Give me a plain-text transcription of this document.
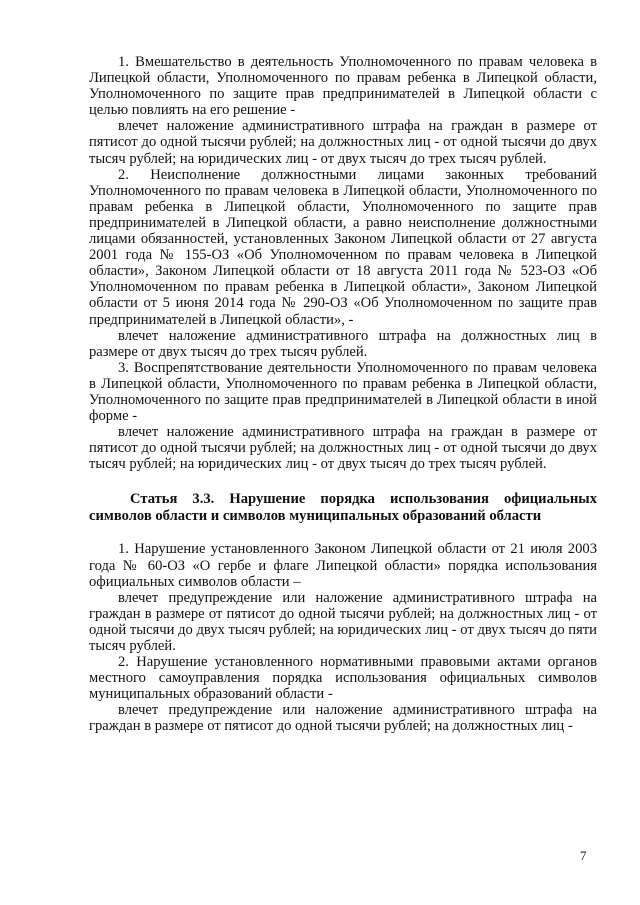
1. Вмешательство в деятельность Уполномоченного по правам человека в Липецкой области, Уполномоченного по правам ребенка в Липецкой области, Уполномоченного по защите прав предпринимателей в Липецкой области с целью повлиять на его решение -

влечет наложение административного штрафа на граждан в размере от пятисот до одной тысячи рублей; на должностных лиц - от одной тысячи до двух тысяч рублей; на юридических лиц - от двух тысяч до трех тысяч рублей.

2. Неисполнение должностными лицами законных требований Уполномоченного по правам человека в Липецкой области, Уполномоченного по правам ребенка в Липецкой области, Уполномоченного по защите прав предпринимателей в Липецкой области, а равно неисполнение должностными лицами обязанностей, установленных Законом Липецкой области от 27 августа 2001 года № 155-ОЗ «Об Уполномоченном по правам человека в Липецкой области», Законом Липецкой области от 18 августа 2011 года № 523-ОЗ «Об Уполномоченном по правам ребенка в Липецкой области», Законом Липецкой области от 5 июня 2014 года № 290-ОЗ «Об Уполномоченном по защите прав предпринимателей в Липецкой области», -

влечет наложение административного штрафа на должностных лиц в размере от двух тысяч до трех тысяч рублей.

3. Воспрепятствование деятельности Уполномоченного по правам человека в Липецкой области, Уполномоченного по правам ребенка в Липецкой области, Уполномоченного по защите прав предпринимателей в Липецкой области в иной форме -

влечет наложение административного штрафа на граждан в размере от пятисот до одной тысячи рублей; на должностных лиц - от одной тысячи до двух тысяч рублей; на юридических лиц - от двух тысяч до трех тысяч рублей.

Статья 3.3. Нарушение порядка использования официальных символов области и символов муниципальных образований области

1. Нарушение установленного Законом Липецкой области от 21 июля 2003 года № 60-ОЗ «О гербе и флаге Липецкой области» порядка использования официальных символов области –

влечет предупреждение или наложение административного штрафа на граждан в размере от пятисот до одной тысячи рублей; на должностных лиц - от одной тысячи до двух тысяч рублей; на юридических лиц - от двух тысяч до пяти тысяч рублей.

2. Нарушение установленного нормативными правовыми актами органов местного самоуправления порядка использования официальных символов муниципальных образований области -

влечет предупреждение или наложение административного штрафа на граждан в размере от пятисот до одной тысячи рублей; на должностных лиц -

7
